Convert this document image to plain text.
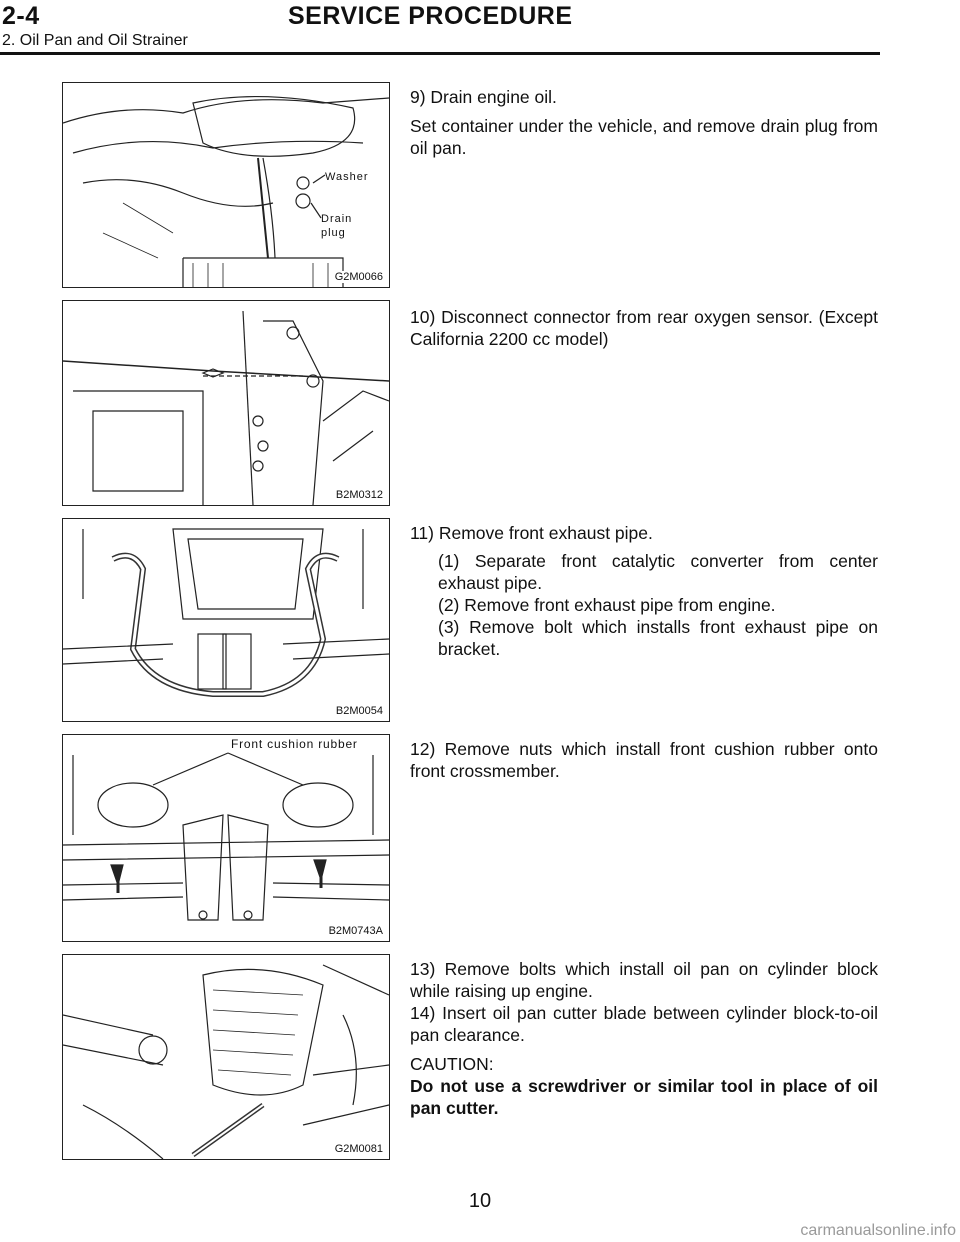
2-4	SERVICE PROCEDURE
2. Oil Pan and Oil Strainer
Washer
Drain
plug
G2M0066

9) Drain engine oil.

Set container under the vehicle, and remove drain plug from oil pan.

B2M0312

10) Disconnect connector from rear oxygen sensor. (Except California 2200 cc model)

B2M0054

11) Remove front exhaust pipe.

(1) Separate front catalytic converter from center exhaust pipe.

(2) Remove front exhaust pipe from engine.

(3) Remove bolt which installs front exhaust pipe on bracket.

Front cushion rubber
B2M0743A

12) Remove nuts which install front cushion rubber onto front crossmember.

G2M0081

13) Remove bolts which install oil pan on cylinder block while raising up engine.

14) Insert oil pan cutter blade between cylinder block-to-oil pan clearance.

CAUTION:

Do not use a screwdriver or similar tool in place of oil pan cutter.

10
carmanualsonline.info
